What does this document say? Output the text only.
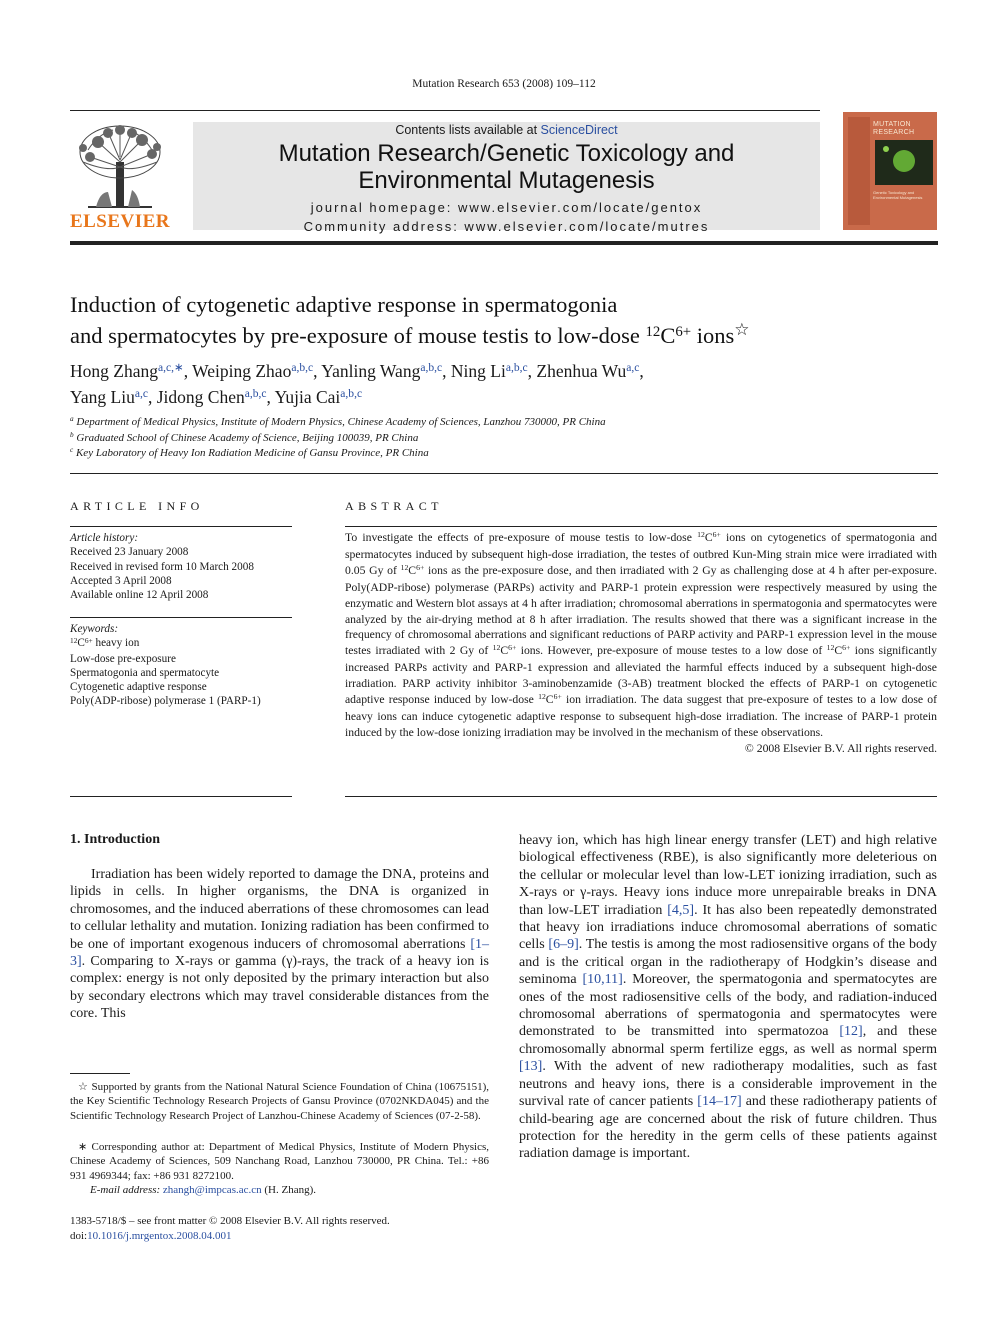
Mutation Research 653 (2008) 109–112
ELSEVIER
Contents lists available at ScienceDirect
Mutation Research/Genetic Toxicology and
Environmental Mutagenesis
journal homepage: www.elsevier.com/locate/gentox
Community address: www.elsevier.com/locate/mutres
MUTATION
RESEARCH
Genetic Toxicology and Environmental Mutagenesis
Induction of cytogenetic adaptive response in spermatogonia
and spermatocytes by pre-exposure of mouse testis to low-dose $^{12}C^{6+}$ ions☆
Hong Zhang$^{a,c,∗}$, Weiping Zhao$^{a,b,c}$, Yanling Wang$^{a,b,c}$, Ning Li$^{a,b,c}$, Zhenhua Wu$^{a,c}$,
Yang Liu$^{a,c}$, Jidong Chen$^{a,b,c}$, Yujia Cai$^{a,b,c}$
$^a$ Department of Medical Physics, Institute of Modern Physics, Chinese Academy of Sciences, Lanzhou 730000, PR China
$^b$ Graduated School of Chinese Academy of Science, Beijing 100039, PR China
$^c$ Key Laboratory of Heavy Ion Radiation Medicine of Gansu Province, PR China
ARTICLE INFO
Article history:
Received 23 January 2008
Received in revised form 10 March 2008
Accepted 3 April 2008
Available online 12 April 2008
Keywords:
$^{12}C^{6+}$ heavy ion
Low-dose pre-exposure
Spermatogonia and spermatocyte
Cytogenetic adaptive response
Poly(ADP-ribose) polymerase 1 (PARP-1)
ABSTRACT
To investigate the effects of pre-exposure of mouse testis to low-dose $^{12}C^{6+}$ ions on cytogenetics of spermatogonia and spermatocytes induced by subsequent high-dose irradiation, the testes of outbred Kun-Ming strain mice were irradiated with 0.05 Gy of $^{12}C^{6+}$ ions as the pre-exposure dose, and then irradiated with 2 Gy as challenging dose at 4 h after per-exposure. Poly(ADP-ribose) polymerase (PARPs) activity and PARP-1 protein expression were respectively measured by using the enzymatic and Western blot assays at 4 h after irradiation; chromosomal aberrations in spermatogonia and spermatocytes were analyzed by the air-drying method at 8 h after irradiation. The results showed that there was a significant increase in the frequency of chromosomal aberrations and significant reductions of PARP activity and PARP-1 expression level in the mouse testes irradiated with 2 Gy of $^{12}C^{6+}$ ions. However, pre-exposure of mouse testes to a low dose of $^{12}C^{6+}$ ions significantly increased PARPs activity and PARP-1 expression and alleviated the harmful effects induced by a subsequent high-dose irradiation. PARP activity inhibitor 3-aminobenzamide (3-AB) treatment blocked the effects of PARP-1 on cytogenetic adaptive response induced by low-dose $^{12}C^{6+}$ ion irradiation. The data suggest that pre-exposure of testes to a low dose of heavy ions can induce cytogenetic adaptive response to subsequent high-dose irradiation. The increase of PARP-1 protein induced by the low-dose ionizing irradiation may be involved in the mechanism of these observations.
© 2008 Elsevier B.V. All rights reserved.
1. Introduction
Irradiation has been widely reported to damage the DNA, proteins and lipids in cells. In higher organisms, the DNA is organized in chromosomes, and the induced aberrations of these chromosomes can lead to cellular lethality and mutation. Ionizing radiation has been confirmed to be one of important exogenous inducers of chromosomal aberrations [1–3]. Comparing to X-rays or gamma (γ)-rays, the track of a heavy ion is complex: energy is not only deposited by the primary interaction but also by secondary electrons which may travel considerable distances from the core. This
heavy ion, which has high linear energy transfer (LET) and high relative biological effectiveness (RBE), is also significantly more deleterious on the cellular or molecular level than low-LET ionizing irradiation, such as X-rays or γ-rays. Heavy ions induce more unrepairable breaks in DNA than low-LET irradiation [4,5]. It has also been repeatedly demonstrated that heavy ion irradiations induce chromosomal aberrations of somatic cells [6–9]. The testis is among the most radiosensitive organs of the body and is the critical organ in the radiotherapy of Hodgkin’s disease and seminoma [10,11]. Moreover, the spermatogonia and spermatocytes are ones of the most radiosensitive cells of the body, and radiation-induced chromosomal aberrations of spermatogonia and spermatocytes were demonstrated to be transmitted into spermatozoa [12], and these chromosomally abnormal sperm fertilize eggs, as well as normal sperm [13]. With the advent of new radiotherapy modalities, such as fast neutrons and heavy ions, there is a considerable improvement in the survival rate of cancer patients [14–17] and these radiotherapy patients of child-bearing age are concerned about the risk of future children. Thus protection for the heredity in the germ cells of these patients against radiation damage is important.
☆ Supported by grants from the National Natural Science Foundation of China (10675151), the Key Scientific Technology Research Projects of Gansu Province (0702NKDA045) and the Scientific Technology Research Project of Lanzhou-Chinese Academy of Sciences (07-2-58).
∗ Corresponding author at: Department of Medical Physics, Institute of Modern Physics, Chinese Academy of Sciences, 509 Nanchang Road, Lanzhou 730000, PR China. Tel.: +86 931 4969344; fax: +86 931 8272100.
E-mail address: zhangh@impcas.ac.cn (H. Zhang).
1383-5718/$ – see front matter © 2008 Elsevier B.V. All rights reserved.
doi:10.1016/j.mrgentox.2008.04.001
